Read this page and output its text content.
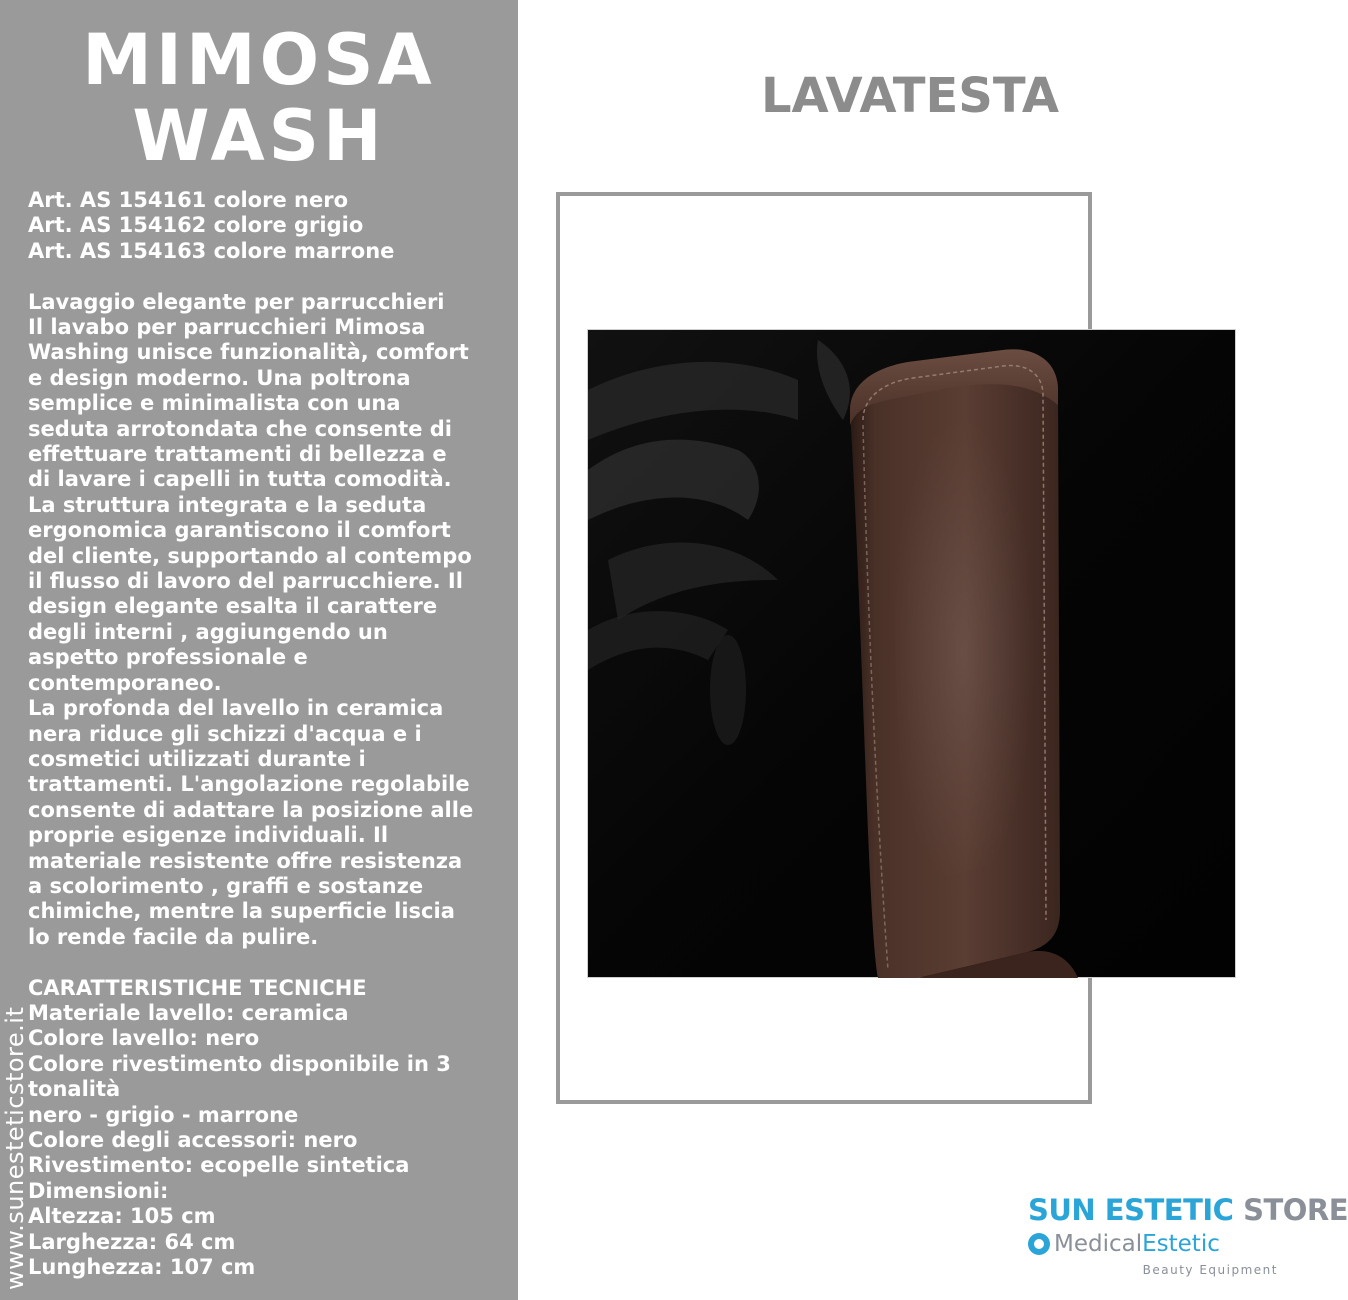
MIMOSA
WASH
Art. AS 154161 colore nero
Art. AS 154162 colore grigio
Art. AS 154163 colore marrone
Lavaggio elegante per parrucchieri
Il lavabo per parrucchieri Mimosa
Washing unisce funzionalità, comfort
e design moderno. Una poltrona
semplice e minimalista con una
seduta arrotondata che consente di
effettuare trattamenti di bellezza e
di lavare i capelli in tutta comodità.
La struttura integrata e la seduta
ergonomica garantiscono il comfort
del cliente, supportando al contempo
il flusso di lavoro del parrucchiere. Il
design elegante esalta il carattere
degli interni , aggiungendo un
aspetto professionale e
contemporaneo.
La profonda del lavello in ceramica
nera riduce gli schizzi d'acqua e i
cosmetici utilizzati durante i
trattamenti. L'angolazione regolabile
consente di adattare la posizione alle
proprie esigenze individuali. Il
materiale resistente offre resistenza
a scolorimento , graffi e sostanze
chimiche, mentre la superficie liscia
lo rende facile da pulire.
CARATTERISTICHE TECNICHE
Materiale lavello: ceramica
Colore lavello: nero
Colore rivestimento disponibile in 3
tonalità
nero - grigio - marrone
Colore degli accessori: nero
Rivestimento: ecopelle sintetica
Dimensioni:
Altezza: 105 cm
Larghezza: 64 cm
Lunghezza: 107 cm
www.sunesteticstore.it
LAVATESTA
SUN ESTETIC STORE
MedicalEstetic
Beauty Equipment
